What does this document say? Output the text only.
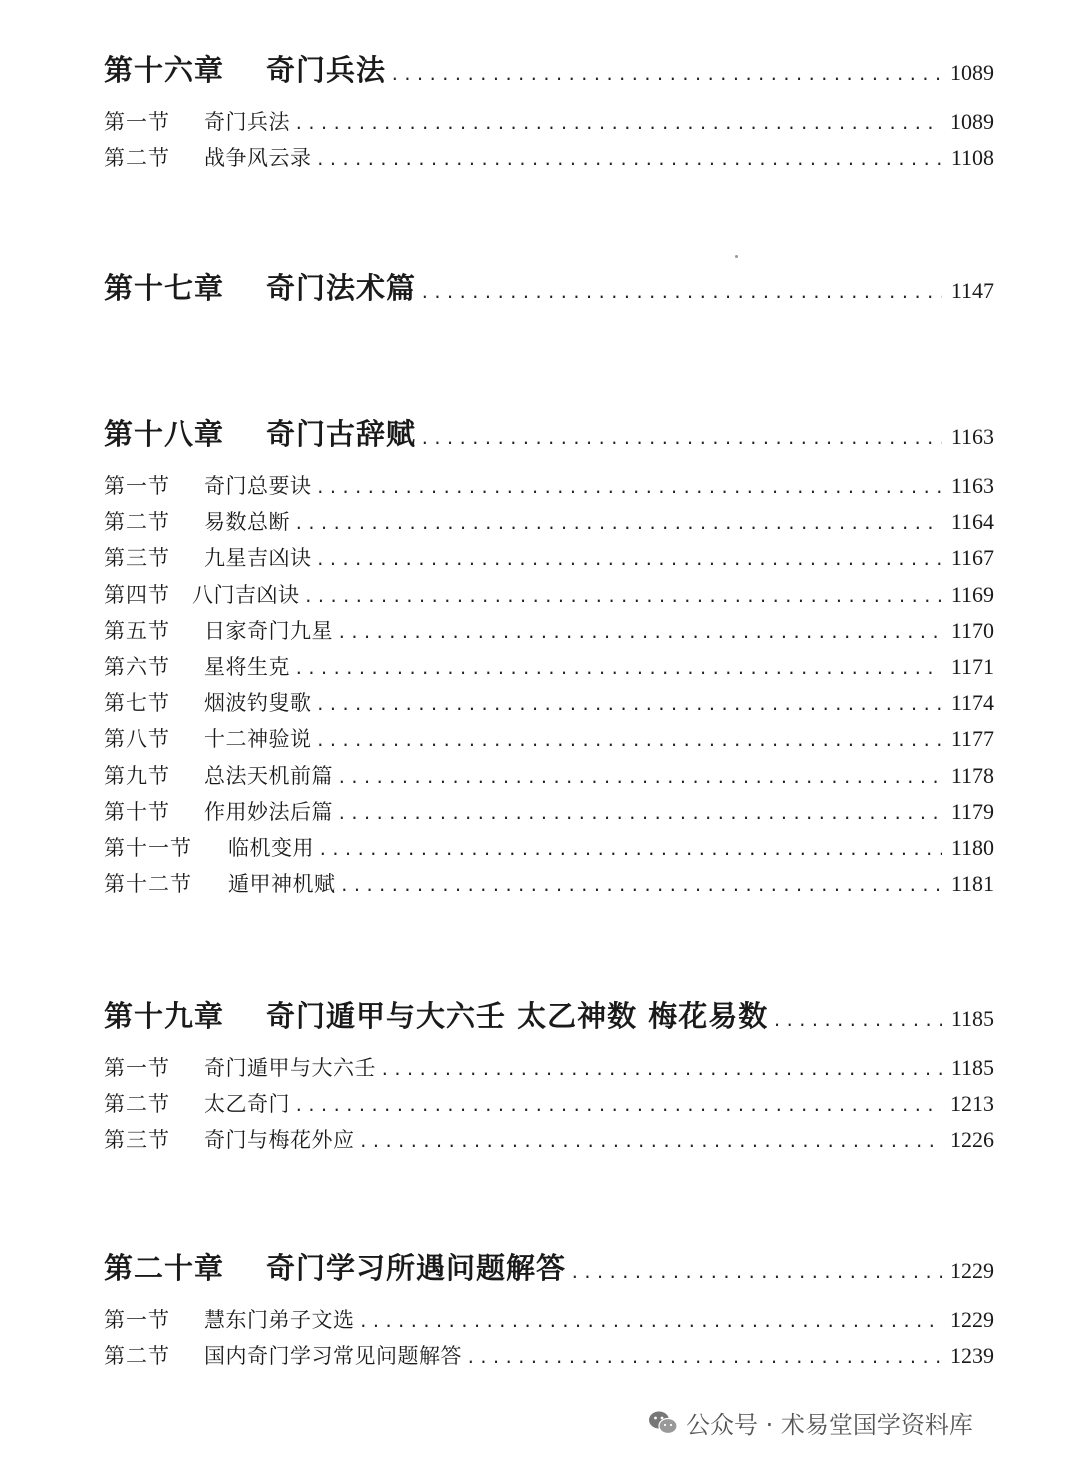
第十六章	奇门兵法 .....	1089
第一节	奇门兵法 .....	1089
第二节	战争风云录 .....	1108
第十七章	奇门法术篇 .....	1147
第十八章	奇门古辞赋 .....	1163
第一节	奇门总要诀 .....	1163
第二节	易数总断 .....	1164
第三节	九星吉凶诀 .....	1167
第四节	八门吉凶诀 .....	1169
第五节	日家奇门九星 .....	1170
第六节	星将生克 .....	1171
第七节	烟波钓叟歌 .....	1174
第八节	十二神验说 .....	1177
第九节	总法天机前篇 .....	1178
第十节	作用妙法后篇 .....	1179
第十一节	临机变用 .....	1180
第十二节	遁甲神机赋 .....	1181
第十九章	奇门遁甲与大六壬 太乙神数 梅花易数 .....	1185
第一节	奇门遁甲与大六壬 .....	1185
第二节	太乙奇门 .....	1213
第三节	奇门与梅花外应 .....	1226
第二十章	奇门学习所遇问题解答 .....	1229
第一节	慧东门弟子文选 .....	1229
第二节	国内奇门学习常见问题解答 .....	1239
公众号 · 术易堂国学资料库
